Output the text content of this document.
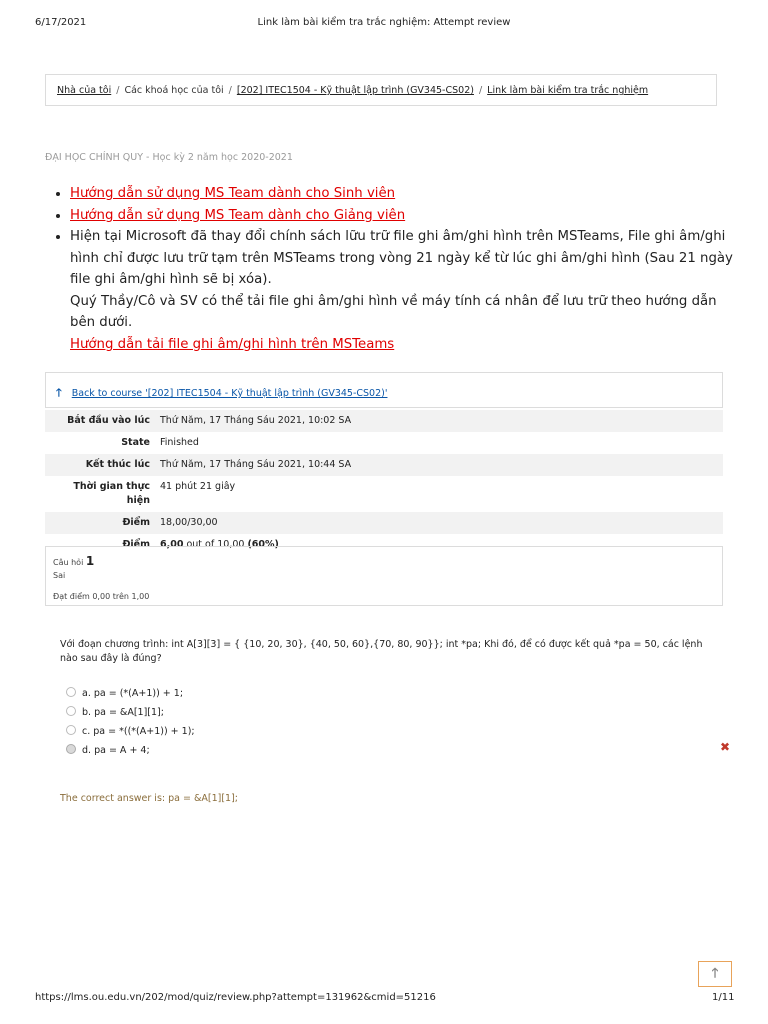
6/17/2021	Link làm bài kiểm tra trắc nghiệm: Attempt review
Nhà của tôi / Các khoá học của tôi / [202] ITEC1504 - Kỹ thuật lập trình (GV345-CS02) / Link làm bài kiểm tra trắc nghiệm
ĐẠI HỌC CHÍNH QUY - Học kỳ 2 năm học 2020-2021
• Hướng dẫn sử dụng MS Team dành cho Sinh viên
• Hướng dẫn sử dụng MS Team dành cho Giảng viên
• Hiện tại Microsoft đã thay đổi chính sách lữu trữ file ghi âm/ghi hình trên MSTeams, File ghi âm/ghi hình chỉ được lưu trữ tạm trên MSTeams trong vòng 21 ngày kể từ lúc ghi âm/ghi hình (Sau 21 ngày file ghi âm/ghi hình sẽ bị xóa).
Quý Thầy/Cô và SV có thể tải file ghi âm/ghi hình về máy tính cá nhân để lưu trữ theo hướng dẫn bên dưới.
Hướng dẫn tải file ghi âm/ghi hình trên MSTeams
🡑 Back to course '[202] ITEC1504 - Kỹ thuật lập trình (GV345-CS02)'
Bắt đầu vào lúc	Thứ Năm, 17 Tháng Sáu 2021, 10:02 SA
State	Finished
Kết thúc lúc	Thứ Năm, 17 Tháng Sáu 2021, 10:44 SA
Thời gian thực hiện	41 phút 21 giây
Điểm	18,00/30,00
Điểm	6,00 out of 10,00 (60%)
Câu hỏi 1
Sai

Đạt điểm 0,00 trên 1,00
Với đoạn chương trình: int A[3][3] = { {10, 20, 30}, {40, 50, 60},{70, 80, 90}}; int *pa; Khi đó, để có được kết quả *pa = 50, các lệnh nào sau đây là đúng?
a. pa = (*(A+1)) + 1;
b. pa = &A[1][1];
c. pa = *((*(A+1)) + 1);
d. pa = A + 4;	✖
The correct answer is: pa = &A[1][1];
🡑
https://lms.ou.edu.vn/202/mod/quiz/review.php?attempt=131962&cmid=51216	1/11
